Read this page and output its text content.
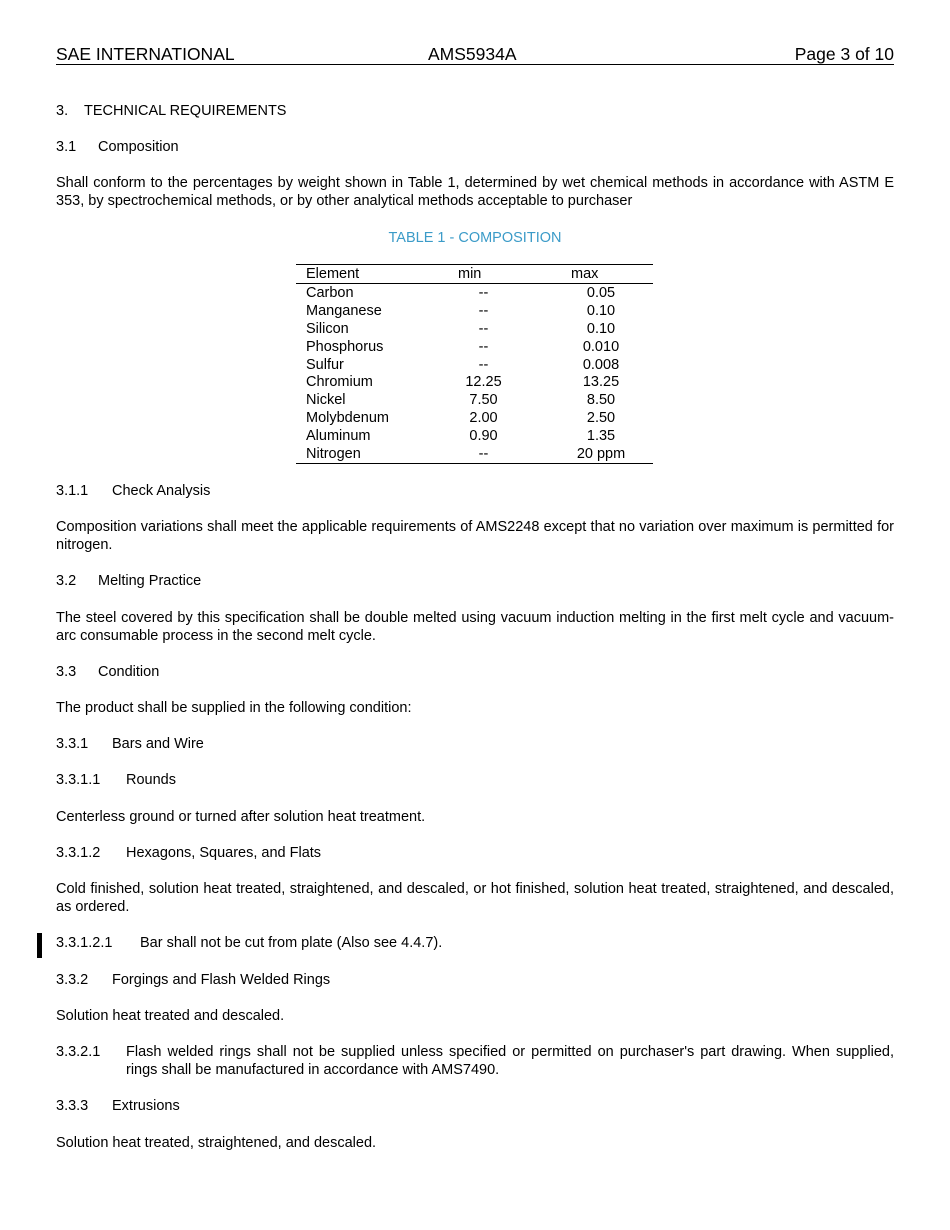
SAE INTERNATIONAL	AMS5934A	Page 3 of 10
3. TECHNICAL REQUIREMENTS
3.1 Composition
Shall conform to the percentages by weight shown in Table 1, determined by wet chemical methods in accordance with ASTM E 353, by spectrochemical methods, or by other analytical methods acceptable to purchaser
TABLE 1 - COMPOSITION
Element	min	max
Carbon	--	0.05
Manganese	--	0.10
Silicon	--	0.10
Phosphorus	--	0.010
Sulfur	--	0.008
Chromium	12.25	13.25
Nickel	7.50	8.50
Molybdenum	2.00	2.50
Aluminum	0.90	1.35
Nitrogen	--	20 ppm
3.1.1 Check Analysis
Composition variations shall meet the applicable requirements of AMS2248 except that no variation over maximum is permitted for nitrogen.
3.2 Melting Practice
The steel covered by this specification shall be double melted using vacuum induction melting in the first melt cycle and vacuum-arc consumable process in the second melt cycle.
3.3 Condition
The product shall be supplied in the following condition:
3.3.1 Bars and Wire
3.3.1.1 Rounds
Centerless ground or turned after solution heat treatment.
3.3.1.2 Hexagons, Squares, and Flats
Cold finished, solution heat treated, straightened, and descaled, or hot finished, solution heat treated, straightened, and descaled, as ordered.
3.3.1.2.1 Bar shall not be cut from plate (Also see 4.4.7).
3.3.2 Forgings and Flash Welded Rings
Solution heat treated and descaled.
3.3.2.1 Flash welded rings shall not be supplied unless specified or permitted on purchaser's part drawing. When supplied, rings shall be manufactured in accordance with AMS7490.
3.3.3 Extrusions
Solution heat treated, straightened, and descaled.
